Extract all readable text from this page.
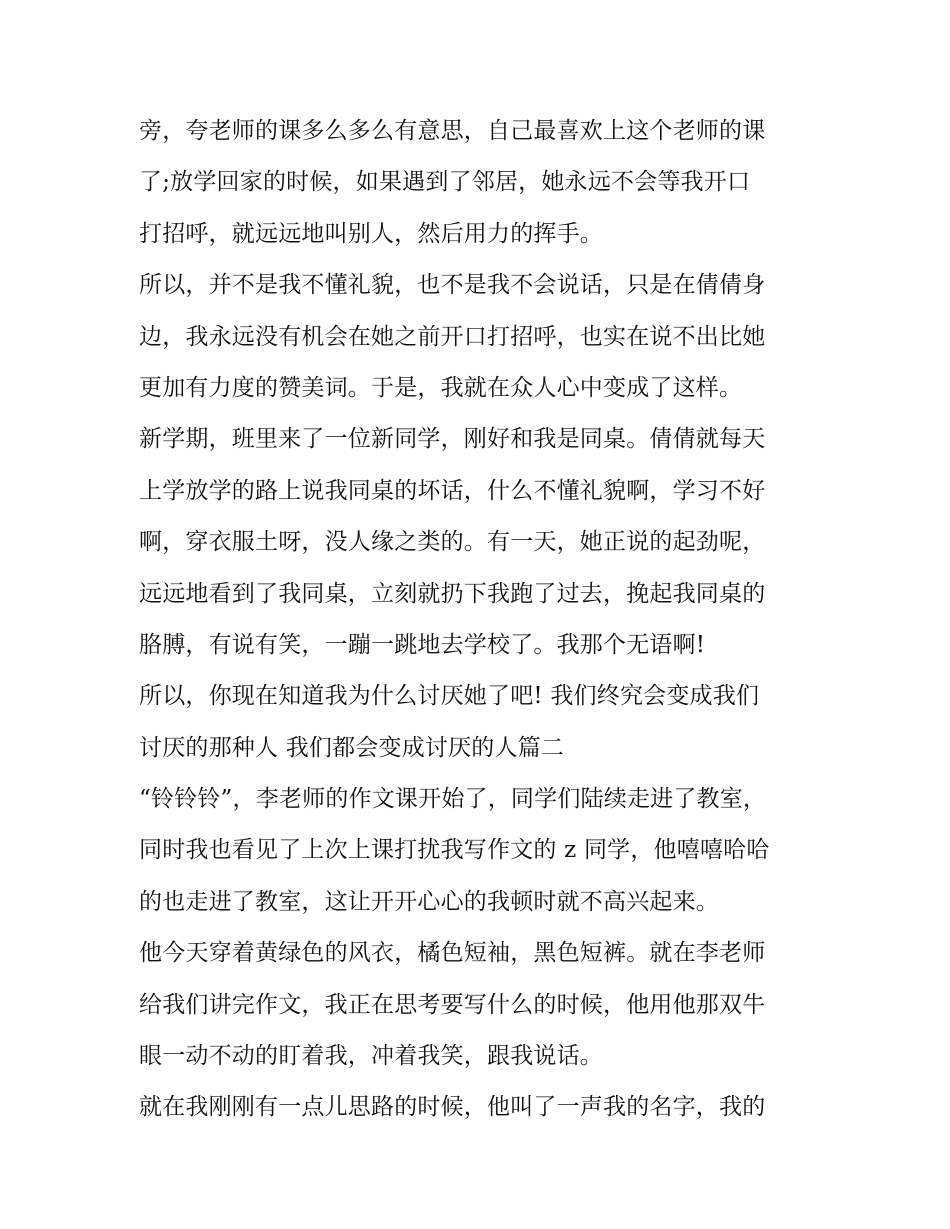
旁，夸老师的课多么多么有意思，自己最喜欢上这个老师的课
了;放学回家的时候，如果遇到了邻居，她永远不会等我开口
打招呼，就远远地叫别人，然后用力的挥手。
所以，并不是我不懂礼貌，也不是我不会说话，只是在倩倩身
边，我永远没有机会在她之前开口打招呼，也实在说不出比她
更加有力度的赞美词。于是，我就在众人心中变成了这样。
新学期，班里来了一位新同学，刚好和我是同桌。倩倩就每天
上学放学的路上说我同桌的坏话，什么不懂礼貌啊，学习不好
啊，穿衣服土呀，没人缘之类的。有一天，她正说的起劲呢，
远远地看到了我同桌，立刻就扔下我跑了过去，挽起我同桌的
胳膊，有说有笑，一蹦一跳地去学校了。我那个无语啊!
所以，你现在知道我为什么讨厌她了吧! 我们终究会变成我们
讨厌的那种人 我们都会变成讨厌的人篇二
“铃铃铃”，李老师的作文课开始了，同学们陆续走进了教室，
同时我也看见了上次上课打扰我写作文的 z 同学，他嘻嘻哈哈
的也走进了教室，这让开开心心的我顿时就不高兴起来。
他今天穿着黄绿色的风衣，橘色短袖，黑色短裤。就在李老师
给我们讲完作文，我正在思考要写什么的时候，他用他那双牛
眼一动不动的盯着我，冲着我笑，跟我说话。
就在我刚刚有一点儿思路的时候，他叫了一声我的名字，我的
